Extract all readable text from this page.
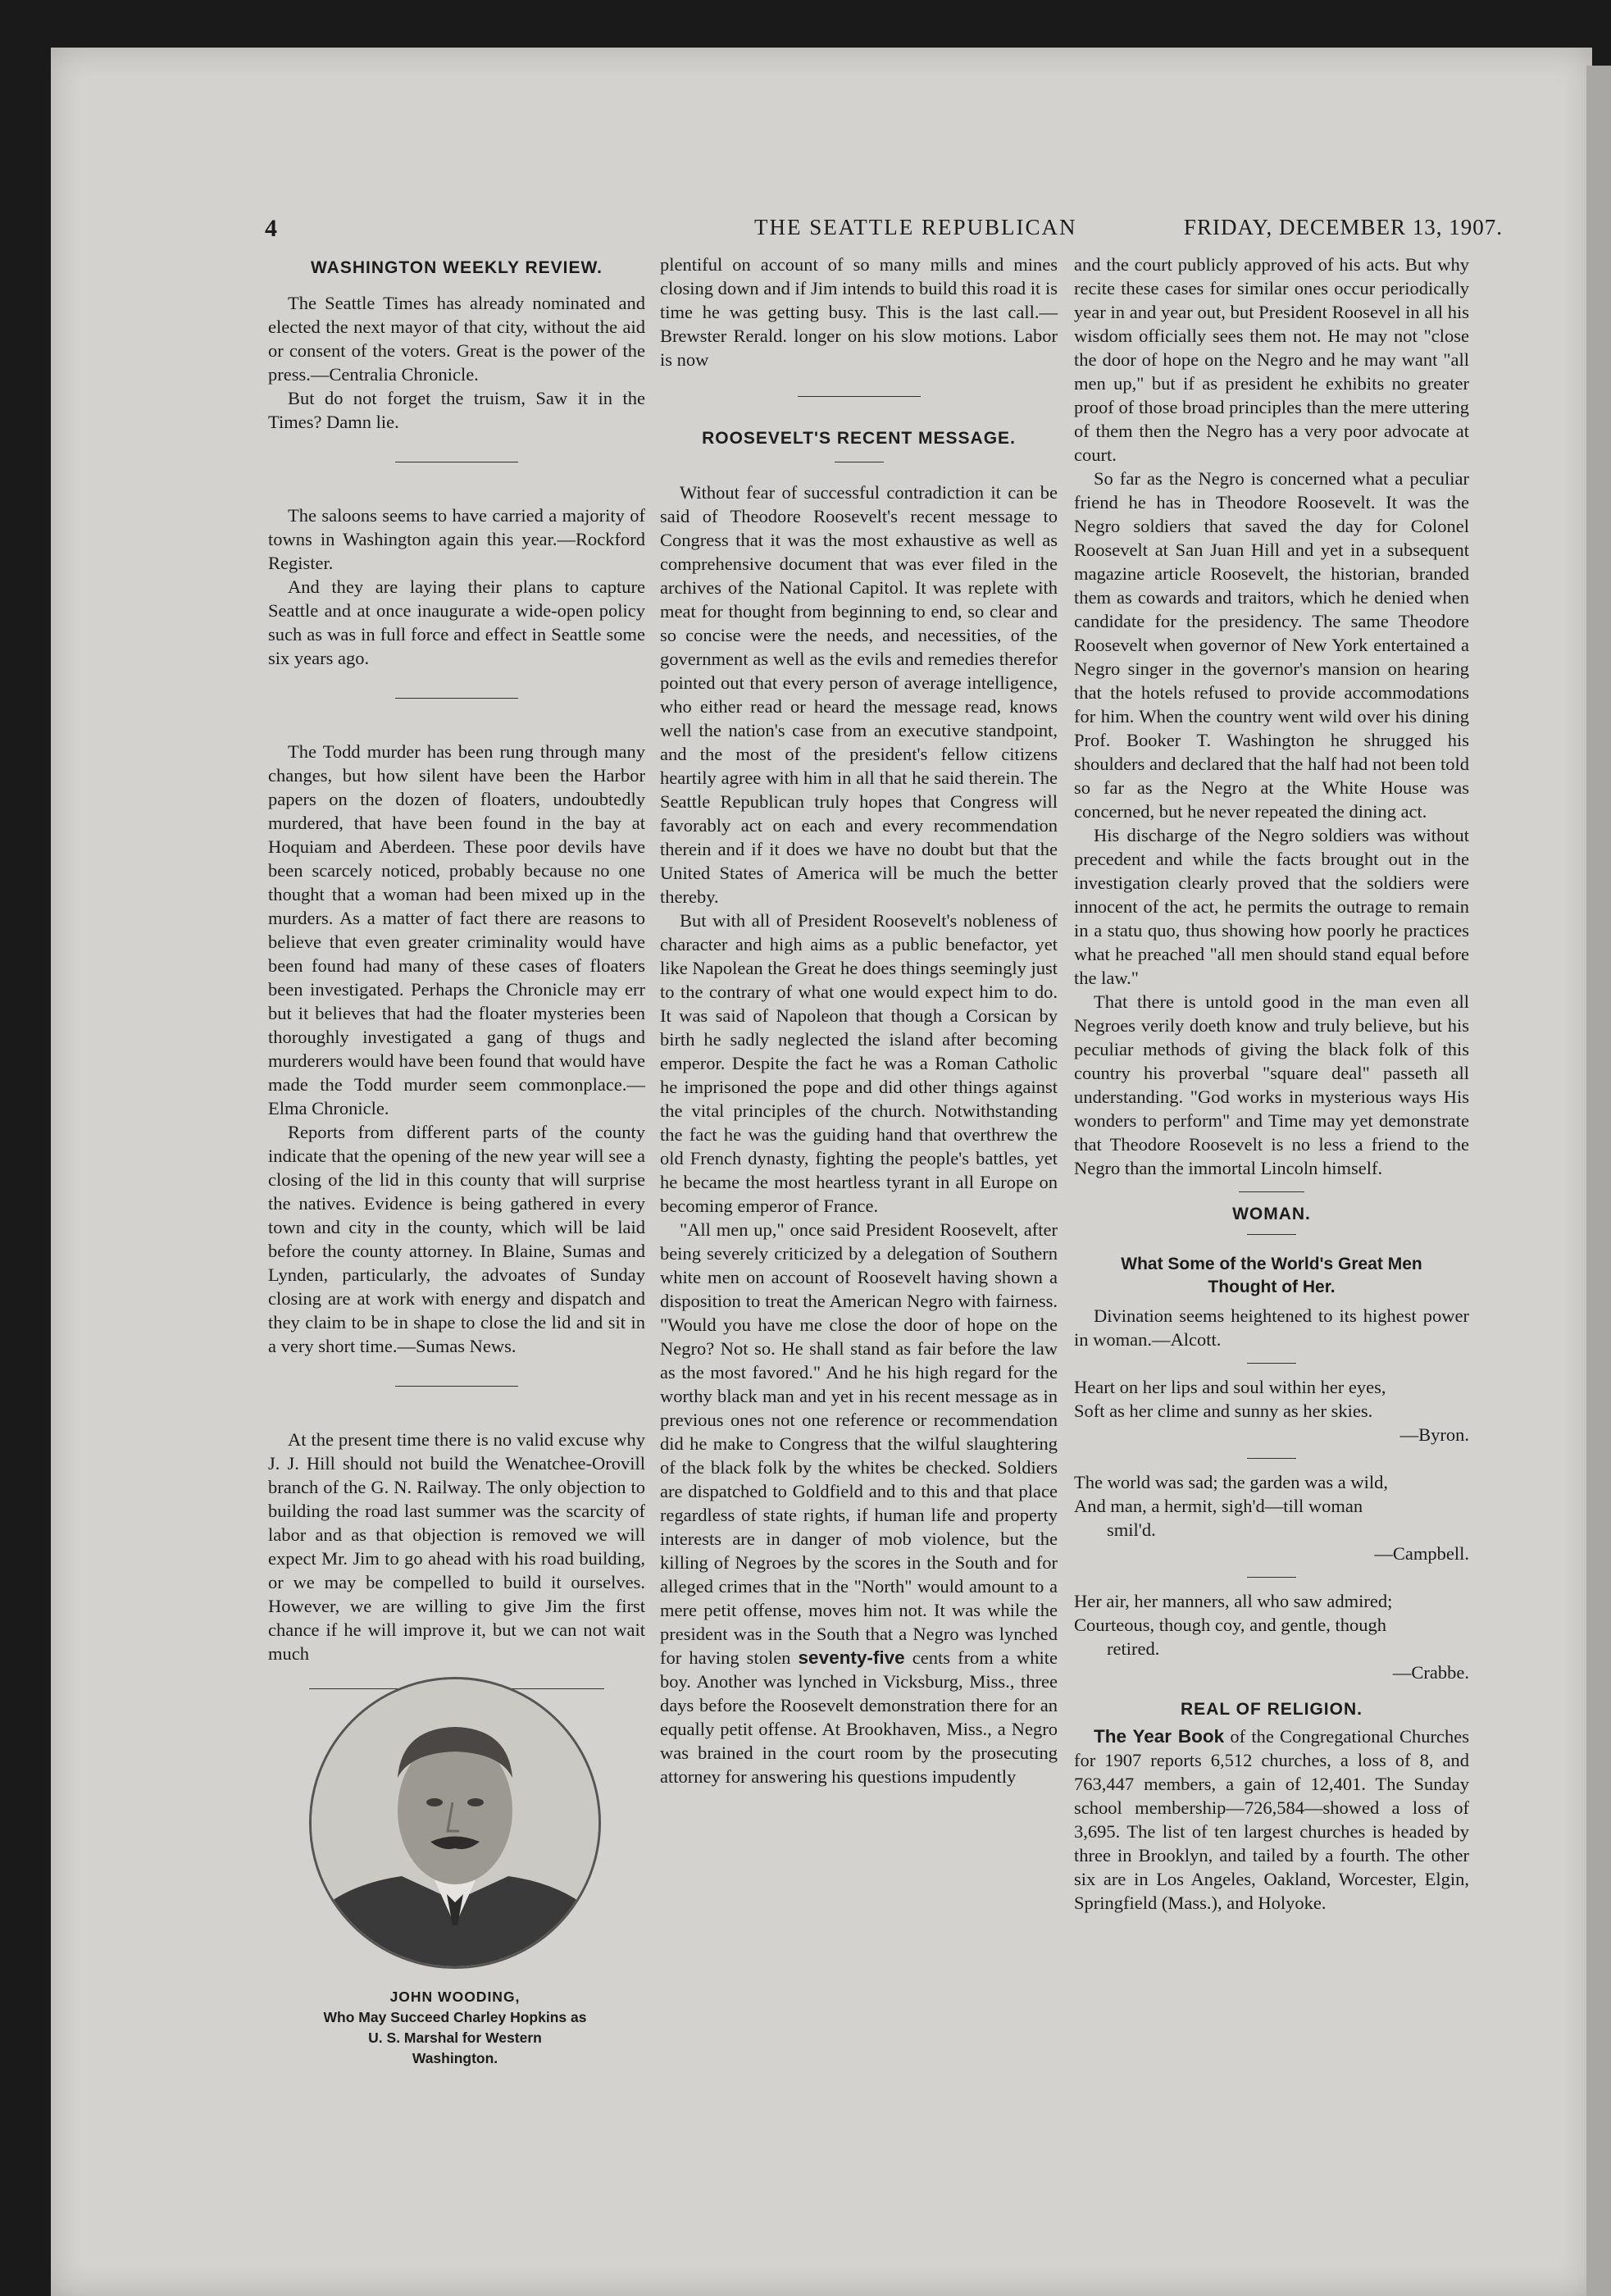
4	THE SEATTLE REPUBLICAN	FRIDAY, DECEMBER 13, 1907.
WASHINGTON WEEKLY REVIEW.

The Seattle Times has already nominated and elected the next mayor of that city, without the aid or consent of the voters. Great is the power of the press.—Centralia Chronicle.

But do not forget the truism, Saw it in the Times? Damn lie.

The saloons seems to have carried a majority of towns in Washington again this year.—Rockford Register.

And they are laying their plans to capture Seattle and at once inaugurate a wide-open policy such as was in full force and effect in Seattle some six years ago.

The Todd murder has been rung through many changes, but how silent have been the Harbor papers on the dozen of floaters, undoubtedly murdered, that have been found in the bay at Hoquiam and Aberdeen. These poor devils have been scarcely noticed, probably because no one thought that a woman had been mixed up in the murders. As a matter of fact there are reasons to believe that even greater criminality would have been found had many of these cases of floaters been investigated. Perhaps the Chronicle may err but it believes that had the floater mysteries been thoroughly investigated a gang of thugs and murderers would have been found that would have made the Todd murder seem commonplace.—Elma Chronicle.

Reports from different parts of the county indicate that the opening of the new year will see a closing of the lid in this county that will surprise the natives. Evidence is being gathered in every town and city in the county, which will be laid before the county attorney. In Blaine, Sumas and Lynden, particularly, the advoates of Sunday closing are at work with energy and dispatch and they claim to be in shape to close the lid and sit in a very short time.—Sumas News.

At the present time there is no valid excuse why J. J. Hill should not build the Wenatchee-Orovill branch of the G. N. Railway. The only objection to building the road last summer was the scarcity of labor and as that objection is removed we will expect Mr. Jim to go ahead with his road building, or we may be compelled to build it ourselves. However, we are willing to give Jim the first chance if he will improve it, but we can not wait much

JOHN WOODING,
Who May Succeed Charley Hopkins as
U. S. Marshal for Western
Washington.

plentiful on account of so many mills and mines closing down and if Jim intends to build this road it is time he was getting busy. This is the last call.—Brewster Rerald. longer on his slow motions. Labor is now

ROOSEVELT'S RECENT MESSAGE.

Without fear of successful contradiction it can be said of Theodore Roosevelt's recent message to Congress that it was the most exhaustive as well as comprehensive document that was ever filed in the archives of the National Capitol. It was replete with meat for thought from beginning to end, so clear and so concise were the needs, and necessities, of the government as well as the evils and remedies therefor pointed out that every person of average intelligence, who either read or heard the message read, knows well the nation's case from an executive standpoint, and the most of the president's fellow citizens heartily agree with him in all that he said therein. The Seattle Republican truly hopes that Congress will favorably act on each and every recommendation therein and if it does we have no doubt but that the United States of America will be much the better thereby.

But with all of President Roosevelt's nobleness of character and high aims as a public benefactor, yet like Napolean the Great he does things seemingly just to the contrary of what one would expect him to do. It was said of Napoleon that though a Corsican by birth he sadly neglected the island after becoming emperor. Despite the fact he was a Roman Catholic he imprisoned the pope and did other things against the vital principles of the church. Notwithstanding the fact he was the guiding hand that overthrew the old French dynasty, fighting the people's battles, yet he became the most heartless tyrant in all Europe on becoming emperor of France.

"All men up," once said President Roosevelt, after being severely criticized by a delegation of Southern white men on account of Roosevelt having shown a disposition to treat the American Negro with fairness. "Would you have me close the door of hope on the Negro? Not so. He shall stand as fair before the law as the most favored." And he his high regard for the worthy black man and yet in his recent message as in previous ones not one reference or recommendation did he make to Congress that the wilful slaughtering of the black folk by the whites be checked. Soldiers are dispatched to Goldfield and to this and that place regardless of state rights, if human life and property interests are in danger of mob violence, but the killing of Negroes by the scores in the South and for alleged crimes that in the "North" would amount to a mere petit offense, moves him not. It was while the president was in the South that a Negro was lynched for having stolen seventy-five cents from a white boy. Another was lynched in Vicksburg, Miss., three days before the Roosevelt demonstration there for an equally petit offense. At Brookhaven, Miss., a Negro was brained in the court room by the prosecuting attorney for answering his questions impudently

and the court publicly approved of his acts. But why recite these cases for similar ones occur periodically year in and year out, but President Roosevel in all his wisdom officially sees them not. He may not "close the door of hope on the Negro and he may want "all men up," but if as president he exhibits no greater proof of those broad principles than the mere uttering of them then the Negro has a very poor advocate at court.

So far as the Negro is concerned what a peculiar friend he has in Theodore Roosevelt. It was the Negro soldiers that saved the day for Colonel Roosevelt at San Juan Hill and yet in a subsequent magazine article Roosevelt, the historian, branded them as cowards and traitors, which he denied when candidate for the presidency. The same Theodore Roosevelt when governor of New York entertained a Negro singer in the governor's mansion on hearing that the hotels refused to provide accommodations for him. When the country went wild over his dining Prof. Booker T. Washington he shrugged his shoulders and declared that the half had not been told so far as the Negro at the White House was concerned, but he never repeated the dining act.

His discharge of the Negro soldiers was without precedent and while the facts brought out in the investigation clearly proved that the soldiers were innocent of the act, he permits the outrage to remain in a statu quo, thus showing how poorly he practices what he preached "all men should stand equal before the law."

That there is untold good in the man even all Negroes verily doeth know and truly believe, but his peculiar methods of giving the black folk of this country his proverbal "square deal" passeth all understanding. "God works in mysterious ways His wonders to perform" and Time may yet demonstrate that Theodore Roosevelt is no less a friend to the Negro than the immortal Lincoln himself.

WOMAN.
What Some of the World's Great Men
Thought of Her.

Divination seems heightened to its highest power in woman.—Alcott.

Heart on her lips and soul within her eyes,
Soft as her clime and sunny as her skies.

—Byron.

The world was sad; the garden was a wild,
And man, a hermit, sigh'd—till woman
smil'd.

—Campbell.

Her air, her manners, all who saw admired;
Courteous, though coy, and gentle, though
retired.

—Crabbe.

REAL OF RELIGION.

The Year Book of the Congregational Churches for 1907 reports 6,512 churches, a loss of 8, and 763,447 members, a gain of 12,401. The Sunday school membership—726,584—showed a loss of 3,695. The list of ten largest churches is headed by three in Brooklyn, and tailed by a fourth. The other six are in Los Angeles, Oakland, Worcester, Elgin, Springfield (Mass.), and Holyoke.
